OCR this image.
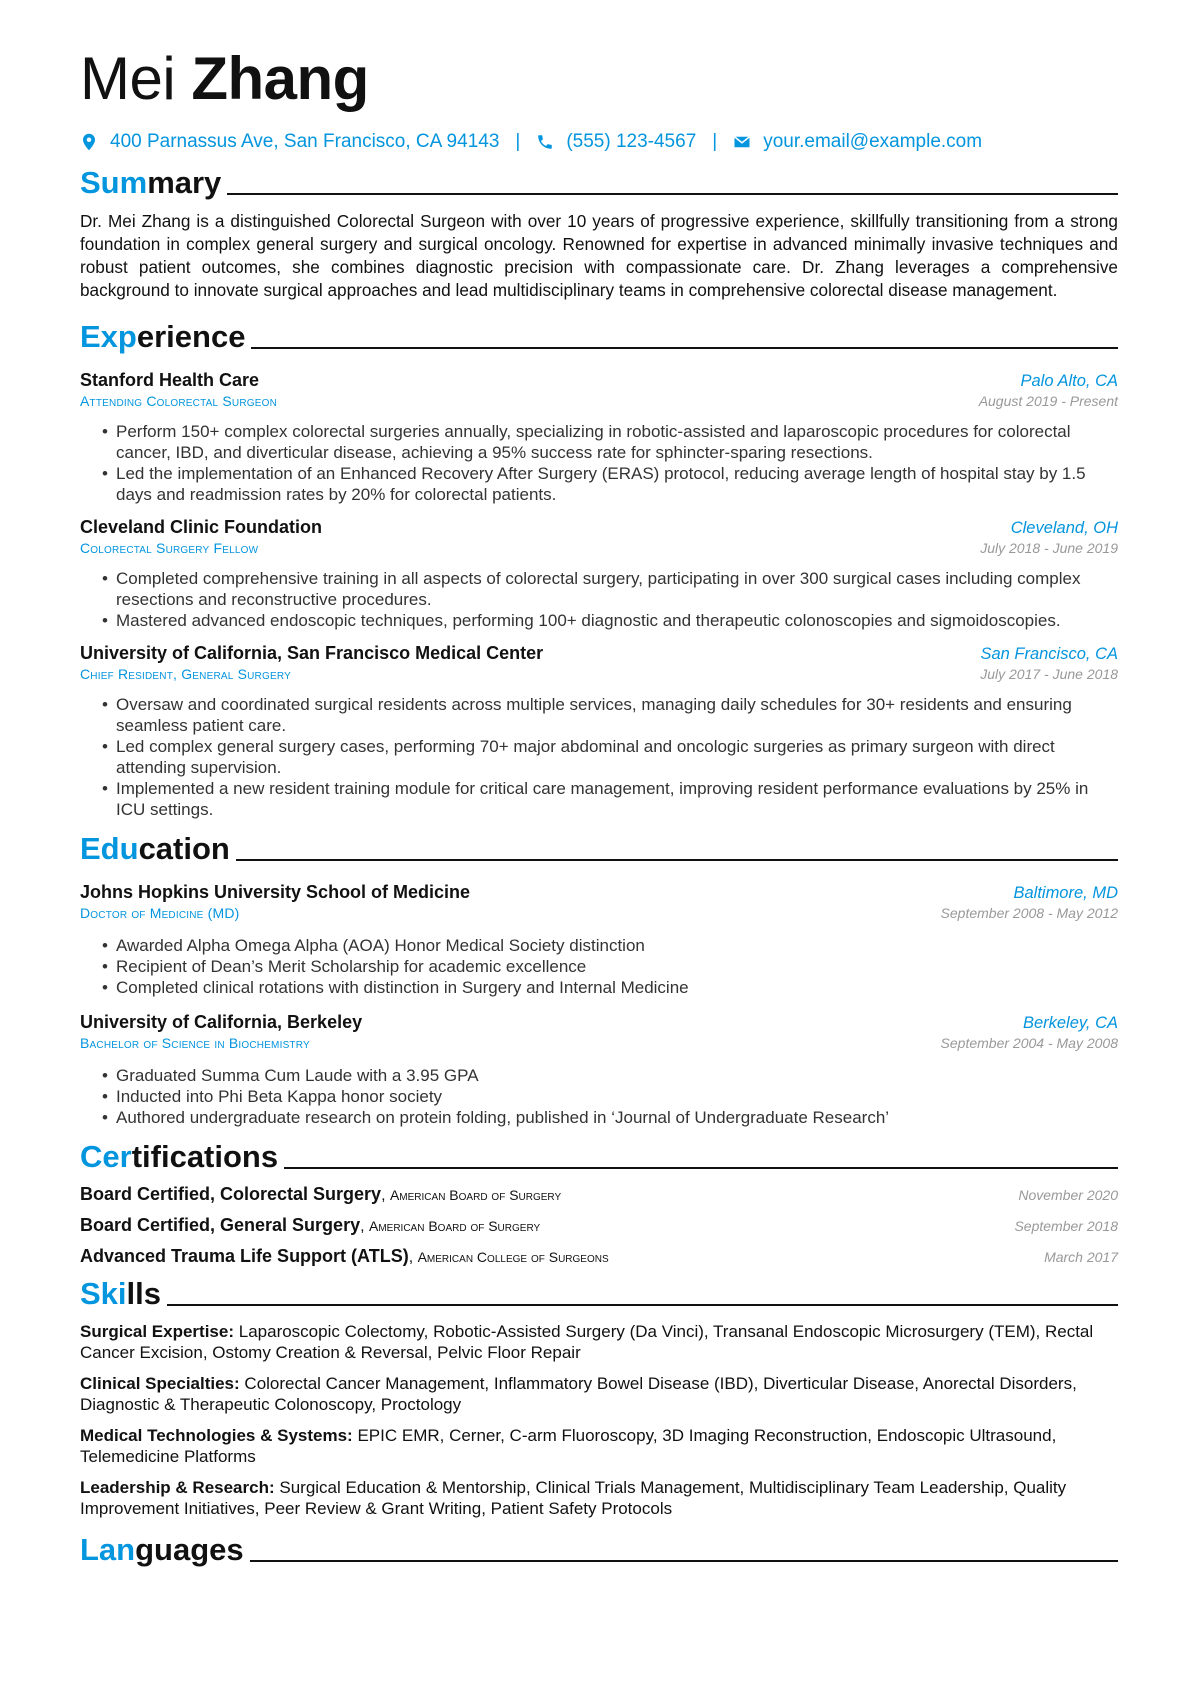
Mei Zhang
400 Parnassus Ave, San Francisco, CA 94143 | (555) 123-4567 | your.email@example.com
Summary
Dr. Mei Zhang is a distinguished Colorectal Surgeon with over 10 years of progressive experience, skillfully transitioning from a strong foundation in complex general surgery and surgical oncology. Renowned for expertise in advanced minimally invasive techniques and robust patient outcomes, she combines diagnostic precision with compassionate care. Dr. Zhang leverages a comprehensive background to innovate surgical approaches and lead multidisciplinary teams in comprehensive colorectal disease management.
Experience
Stanford Health Care	Palo Alto, CA
Attending Colorectal Surgeon	August 2019 - Present
• Perform 150+ complex colorectal surgeries annually, specializing in robotic-assisted and laparoscopic procedures for colorectal cancer, IBD, and diverticular disease, achieving a 95% success rate for sphincter-sparing resections.
• Led the implementation of an Enhanced Recovery After Surgery (ERAS) protocol, reducing average length of hospital stay by 1.5 days and readmission rates by 20% for colorectal patients.
Cleveland Clinic Foundation	Cleveland, OH
Colorectal Surgery Fellow	July 2018 - June 2019
• Completed comprehensive training in all aspects of colorectal surgery, participating in over 300 surgical cases including complex resections and reconstructive procedures.
• Mastered advanced endoscopic techniques, performing 100+ diagnostic and therapeutic colonoscopies and sigmoidoscopies.
University of California, San Francisco Medical Center	San Francisco, CA
Chief Resident, General Surgery	July 2017 - June 2018
• Oversaw and coordinated surgical residents across multiple services, managing daily schedules for 30+ residents and ensuring seamless patient care.
• Led complex general surgery cases, performing 70+ major abdominal and oncologic surgeries as primary surgeon with direct attending supervision.
• Implemented a new resident training module for critical care management, improving resident performance evaluations by 25% in ICU settings.
Education
Johns Hopkins University School of Medicine	Baltimore, MD
Doctor of Medicine (MD)	September 2008 - May 2012
• Awarded Alpha Omega Alpha (AOA) Honor Medical Society distinction
• Recipient of Dean’s Merit Scholarship for academic excellence
• Completed clinical rotations with distinction in Surgery and Internal Medicine
University of California, Berkeley	Berkeley, CA
Bachelor of Science in Biochemistry	September 2004 - May 2008
• Graduated Summa Cum Laude with a 3.95 GPA
• Inducted into Phi Beta Kappa honor society
• Authored undergraduate research on protein folding, published in ‘Journal of Undergraduate Research’
Certifications
Board Certified, Colorectal Surgery, American Board of Surgery	November 2020
Board Certified, General Surgery, American Board of Surgery	September 2018
Advanced Trauma Life Support (ATLS), American College of Surgeons	March 2017
Skills
Surgical Expertise: Laparoscopic Colectomy, Robotic-Assisted Surgery (Da Vinci), Transanal Endoscopic Microsurgery (TEM), Rectal Cancer Excision, Ostomy Creation & Reversal, Pelvic Floor Repair
Clinical Specialties: Colorectal Cancer Management, Inflammatory Bowel Disease (IBD), Diverticular Disease, Anorectal Disorders, Diagnostic & Therapeutic Colonoscopy, Proctology
Medical Technologies & Systems: EPIC EMR, Cerner, C-arm Fluoroscopy, 3D Imaging Reconstruction, Endoscopic Ultrasound, Telemedicine Platforms
Leadership & Research: Surgical Education & Mentorship, Clinical Trials Management, Multidisciplinary Team Leadership, Quality Improvement Initiatives, Peer Review & Grant Writing, Patient Safety Protocols
Languages
